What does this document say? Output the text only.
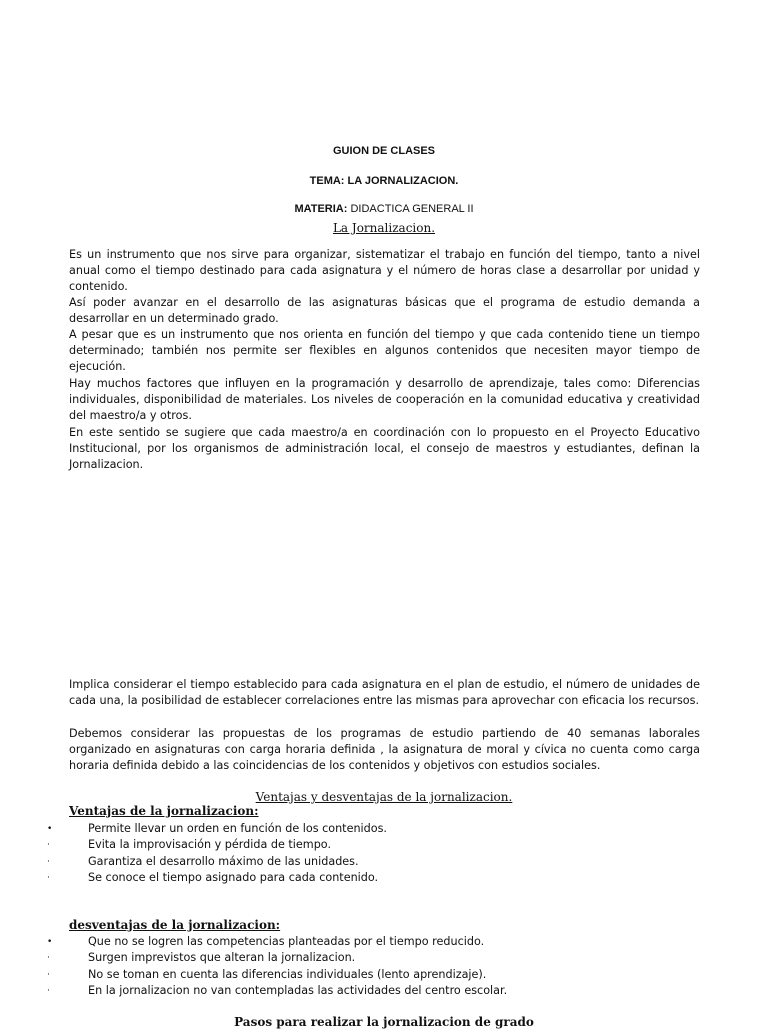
GUION DE CLASES

TEMA: LA JORNALIZACION.

MATERIA: DIDACTICA GENERAL II

La Jornalizacion.

Es un instrumento que nos sirve para organizar, sistematizar el trabajo en función del tiempo, tanto a nivel anual como el tiempo destinado para cada asignatura y el número de horas clase a desarrollar por unidad y contenido.

Así poder avanzar en el desarrollo de las asignaturas básicas que el programa de estudio demanda a desarrollar en un determinado grado.

A pesar que es un instrumento que nos orienta en función del tiempo y que cada contenido tiene un tiempo determinado; también nos permite ser flexibles en algunos contenidos que necesiten mayor tiempo de ejecución.

Hay muchos factores que influyen en la programación y desarrollo de aprendizaje, tales como: Diferencias individuales, disponibilidad de materiales. Los niveles de cooperación en la comunidad educativa y creatividad del maestro/a y otros.

En este sentido se sugiere que cada maestro/a en coordinación con lo propuesto en el Proyecto Educativo Institucional, por los organismos de administración local, el consejo de maestros y estudiantes, definan la Jornalizacion.

Implica considerar el tiempo establecido para cada asignatura en el plan de estudio, el número de unidades de cada una, la posibilidad de establecer correlaciones entre las mismas para aprovechar con eficacia los recursos.

Debemos considerar las propuestas de los programas de estudio partiendo de 40 semanas laborales organizado en asignaturas con carga horaria definida , la asignatura de moral y cívica no cuenta como carga horaria definida debido a las coincidencias de los contenidos y objetivos con estudios sociales.

Ventajas y desventajas de la jornalizacion.

Ventajas de la jornalizacion:

•	Permite llevar un orden en función de los contenidos.
·	Evita la improvisación y pérdida de tiempo.
·	Garantiza el desarrollo máximo de las unidades.
·	Se conoce el tiempo asignado para cada contenido.

desventajas de la jornalizacion:

•	Que no se logren las competencias planteadas por el tiempo reducido.
·	Surgen imprevistos que alteran la jornalizacion.
·	No se toman en cuenta las diferencias individuales (lento aprendizaje).
·	En la jornalizacion no van contempladas las actividades del centro escolar.

Pasos para realizar la jornalizacion de grado
